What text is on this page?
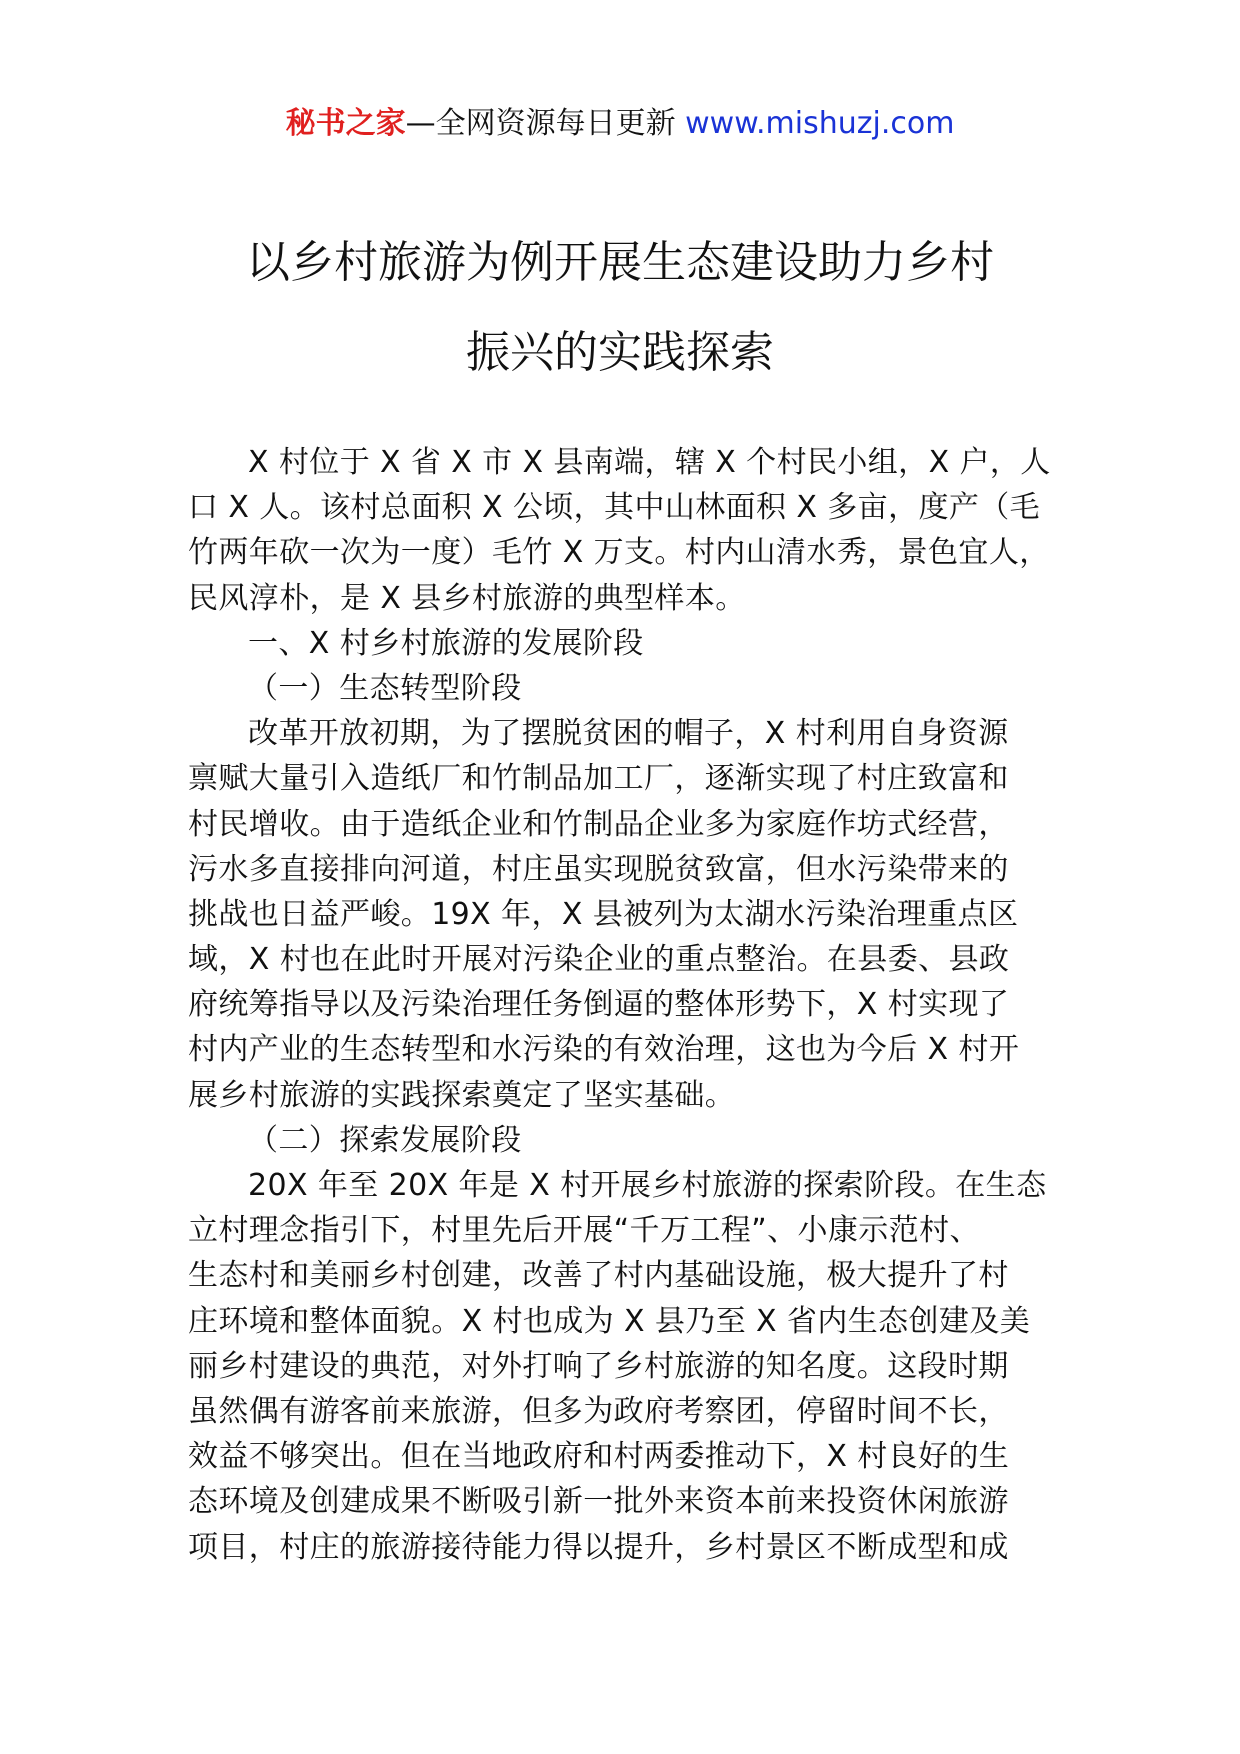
秘书之家—全网资源每日更新 www.mishuzj.com
以乡村旅游为例开展生态建设助力乡村
振兴的实践探索
X 村位于 X 省 X 市 X 县南端，辖 X 个村民小组，X 户，人
口 X 人。该村总面积 X 公顷，其中山林面积 X 多亩，度产（毛
竹两年砍一次为一度）毛竹 X 万支。村内山清水秀，景色宜人，
民风淳朴，是 X 县乡村旅游的典型样本。
一、X 村乡村旅游的发展阶段
（一）生态转型阶段
改革开放初期，为了摆脱贫困的帽子，X 村利用自身资源
禀赋大量引入造纸厂和竹制品加工厂，逐渐实现了村庄致富和
村民增收。由于造纸企业和竹制品企业多为家庭作坊式经营，
污水多直接排向河道，村庄虽实现脱贫致富，但水污染带来的
挑战也日益严峻。19X 年，X 县被列为太湖水污染治理重点区
域，X 村也在此时开展对污染企业的重点整治。在县委、县政
府统筹指导以及污染治理任务倒逼的整体形势下，X 村实现了
村内产业的生态转型和水污染的有效治理，这也为今后 X 村开
展乡村旅游的实践探索奠定了坚实基础。
（二）探索发展阶段
20X 年至 20X 年是 X 村开展乡村旅游的探索阶段。在生态
立村理念指引下，村里先后开展“千万工程”、小康示范村、
生态村和美丽乡村创建，改善了村内基础设施，极大提升了村
庄环境和整体面貌。X 村也成为 X 县乃至 X 省内生态创建及美
丽乡村建设的典范，对外打响了乡村旅游的知名度。这段时期
虽然偶有游客前来旅游，但多为政府考察团，停留时间不长，
效益不够突出。但在当地政府和村两委推动下，X 村良好的生
态环境及创建成果不断吸引新一批外来资本前来投资休闲旅游
项目，村庄的旅游接待能力得以提升，乡村景区不断成型和成
